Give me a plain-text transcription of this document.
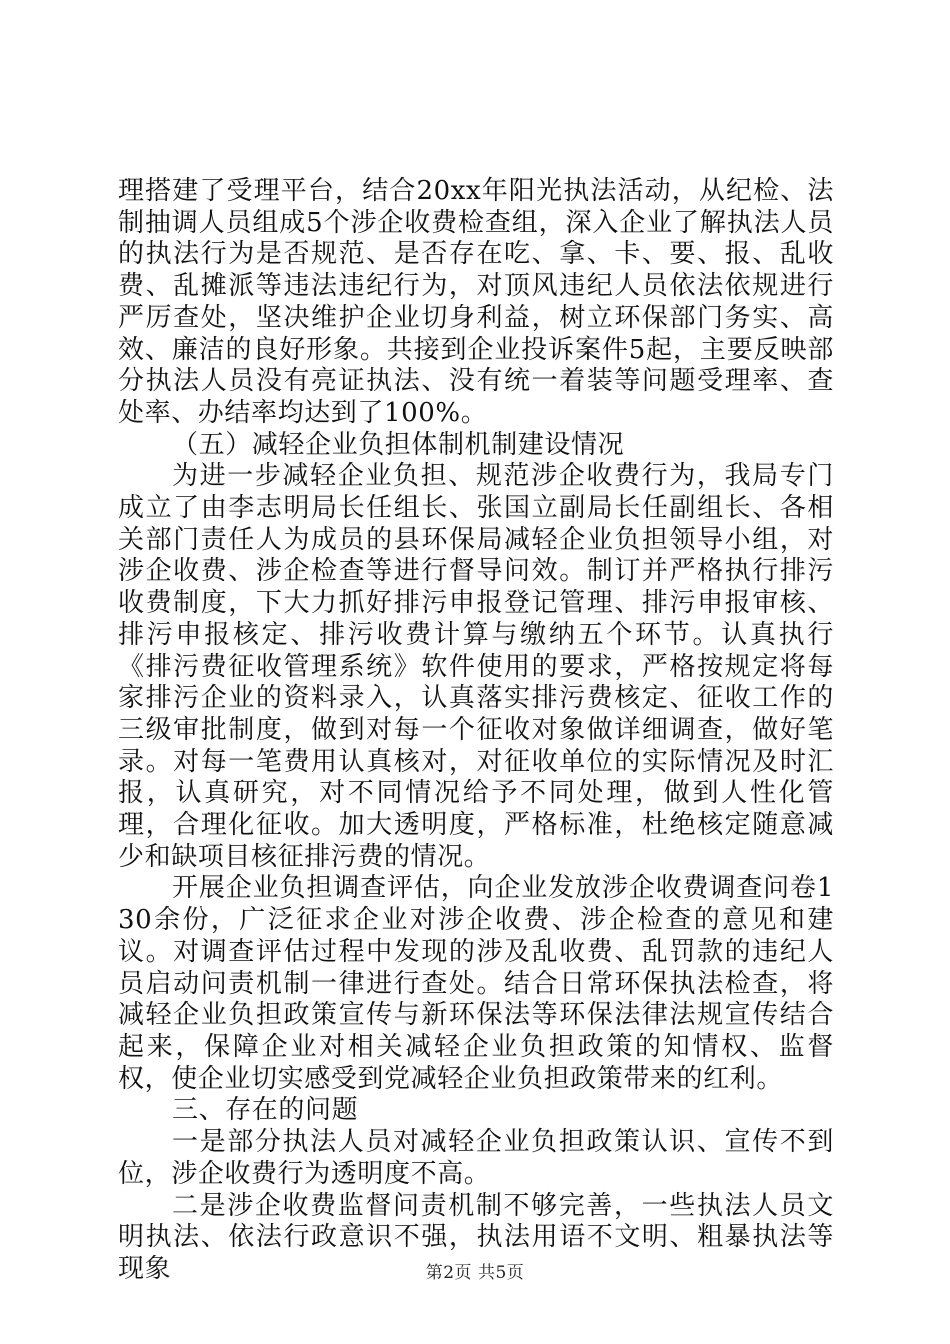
理搭建了受理平台，结合20xx年阳光执法活动，从纪检、法制抽调人员组成5个涉企收费检查组，深入企业了解执法人员的执法行为是否规范、是否存在吃、拿、卡、要、报、乱收费、乱摊派等违法违纪行为，对顶风违纪人员依法依规进行严厉查处，坚决维护企业切身利益，树立环保部门务实、高效、廉洁的良好形象。共接到企业投诉案件5起，主要反映部分执法人员没有亮证执法、没有统一着装等问题受理率、查处率、办结率均达到了100%。

（五）减轻企业负担体制机制建设情况

为进一步减轻企业负担、规范涉企收费行为，我局专门成立了由李志明局长任组长、张国立副局长任副组长、各相关部门责任人为成员的县环保局减轻企业负担领导小组，对涉企收费、涉企检查等进行督导问效。制订并严格执行排污收费制度，下大力抓好排污申报登记管理、排污申报审核、排污申报核定、排污收费计算与缴纳五个环节。认真执行《排污费征收管理系统》软件使用的要求，严格按规定将每家排污企业的资料录入，认真落实排污费核定、征收工作的三级审批制度，做到对每一个征收对象做详细调查，做好笔录。对每一笔费用认真核对，对征收单位的实际情况及时汇报，认真研究，对不同情况给予不同处理，做到人性化管理，合理化征收。加大透明度，严格标准，杜绝核定随意减少和缺项目核征排污费的情况。

开展企业负担调查评估，向企业发放涉企收费调查问卷130余份，广泛征求企业对涉企收费、涉企检查的意见和建议。对调查评估过程中发现的涉及乱收费、乱罚款的违纪人员启动问责机制一律进行查处。结合日常环保执法检查，将减轻企业负担政策宣传与新环保法等环保法律法规宣传结合起来，保障企业对相关减轻企业负担政策的知情权、监督权，使企业切实感受到党减轻企业负担政策带来的红利。

三、存在的问题

一是部分执法人员对减轻企业负担政策认识、宣传不到位，涉企收费行为透明度不高。

二是涉企收费监督问责机制不够完善，一些执法人员文明执法、依法行政意识不强，执法用语不文明、粗暴执法等现象	第2页 共5页
